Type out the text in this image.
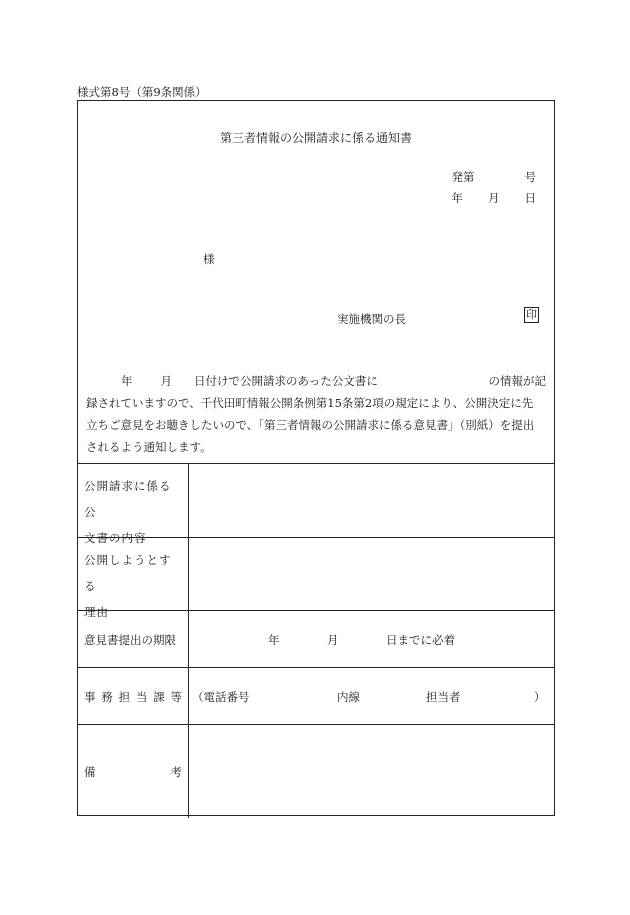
様式第8号（第9条関係）
第三者情報の公開請求に係る通知書
発第	号
年 月 日
様
実施機関の長	印
年 月 日付けで公開請求のあった公文書に	の情報が記
録されていますので、千代田町情報公開条例第15条第2項の規定により、公開決定に先
立ちご意見をお聴きしたいので、「第三者情報の公開請求に係る意見書」（別紙）を提出
されるよう通知します。
公開請求に係る公
文書の内容
公開しようとする
理由
意見書提出の期限	年	月	日までに必着
事 務 担 当 課 等 （電話番号	内線	担当者	）
備	考
